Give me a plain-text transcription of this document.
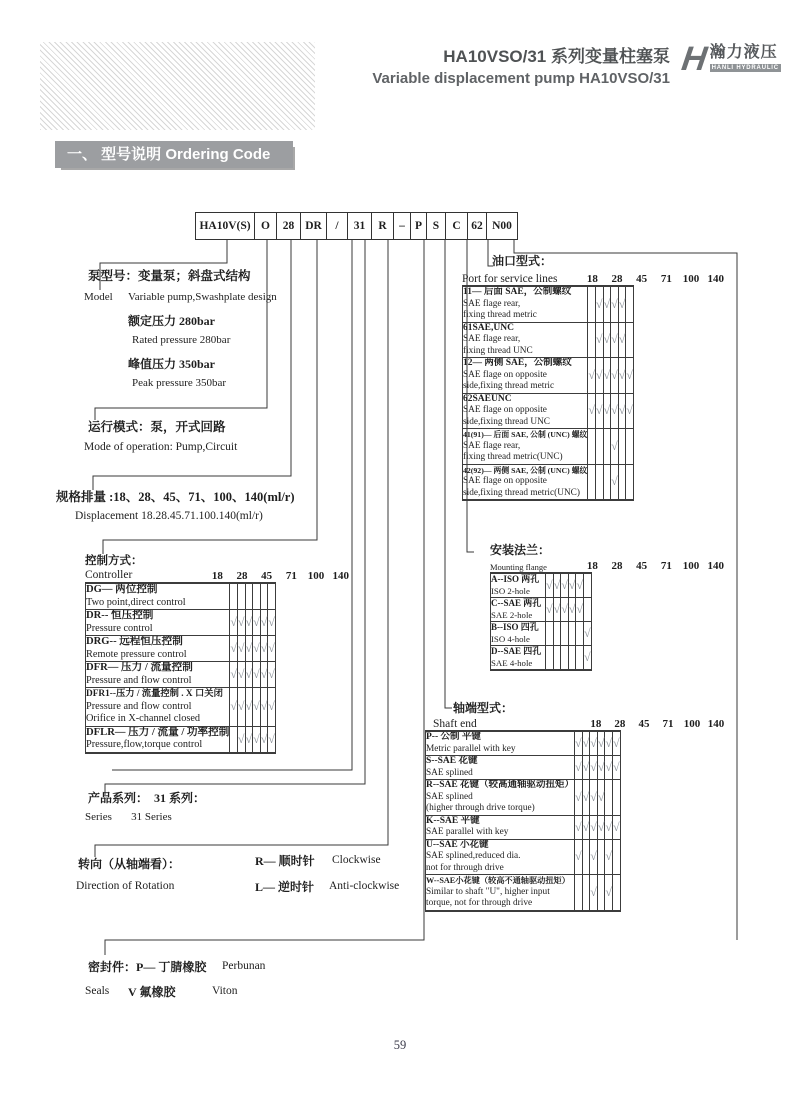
HA10VSO/31 系列变量柱塞泵
Variable displacement pump HA10VSO/31
H 瀚力液压
HANLI HYDRAULIC
一、 型号说明 Ordering Code
HA10V(S) O	28 DR	/	31	R	– P S	C 62 N00
泵型号：变量泵；斜盘式结构
Model Variable pump,Swashplate design
额定压力 280bar
Rated pressure 280bar
峰值压力 350bar
Peak pressure 350bar
运行模式：泵，开式回路
Mode of operation: Pump,Circuit
规格排量 :18、28、45、71、100、140(ml/r)
Displacement 18.28.45.71.100.140(ml/r)
产品系列： 31 系列：
Series 31 Series
转向（从轴端看）：	R— 顺时针 Clockwise
Direction of Rotation	L— 逆时针 Anti-clockwise
密封件：P— 丁腈橡胶 Perbunan
Seals V 氟橡胶	Viton
控制方式：
Controller	18	28	45	71 100 140
DG— 两位控制
Two point,direct control						

DR-- 恒压控制
Pressure control	√	√	√	√	√	√

DRG-- 远程恒压控制
Remote pressure control	√	√	√	√	√	√

DFR— 压力 / 流量控制
Pressure and flow control	√	√	√	√	√	√

DFR1--压力 / 流量控制 . X 口关闭
Pressure and flow control
Orifice in X-channel closed	√	√	√	√	√	√

DFLR— 压力 / 流量 / 功率控制
Pressure,flow,torque control		√	√	√	√	√
油口型式：
Port for service lines	18	28	45	71 100 140
11— 后面 SAE，公制螺纹
SAE flage rear,
fixing thread metric		√	√	√	√	

61SAE,UNC
SAE flage rear,
fixing thread UNC		√	√	√	√	

12— 两侧 SAE，公制螺纹
SAE flage on opposite
side,fixing thread metric	√	√	√	√	√	√

62SAEUNC
SAE flage on opposite
side,fixing thread UNC	√	√	√	√	√	√

41(91)— 后面 SAE, 公制 (UNC) 螺纹
SAE flage rear,
fixing thread metric(UNC)				√		

42(92)— 两侧 SAE, 公制 (UNC) 螺纹
SAE flage on opposite
side,fixing thread metric(UNC)				√		
安装法兰：
Mounting flange	18	28	45	71 100 140
A--ISO 两孔
ISO 2-hole	√	√	√	√	√	

C--SAE 两孔
SAE 2-hole	√	√	√	√	√	

B--ISO 四孔
ISO 4-hole						√

D--SAE 四孔
SAE 4-hole						√
轴端型式：
Shaft end	18	28	45	71 100 140
P-- 公制 平键
Metric parallel with key	√	√	√	√	√	√

S--SAE 花键
SAE splined	√	√	√	√	√	√

R--SAE 花键（较高通轴驱动扭矩）
SAE splined
(higher through drive torque)	√	√	√	√		

K--SAE 平键
SAE parallel with key	√	√	√	√	√	√

U--SAE 小花键
SAE splined,reduced dia.
not for through drive	√		√		√	

W--SAE小花键（较高不通轴驱动扭矩）
Similar to shaft "U", higher input
torque, not for through drive			√		√	
59
